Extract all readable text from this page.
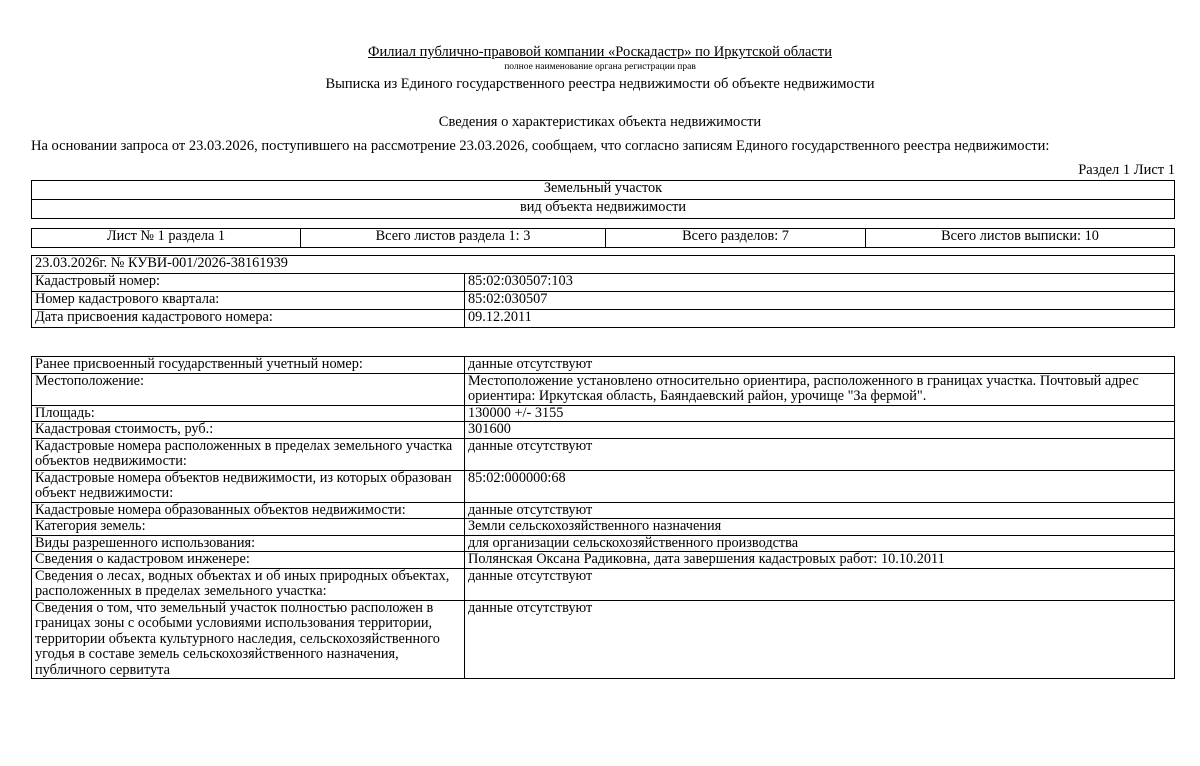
Филиал публично-правовой компании «Роскадастр» по Иркутской области
полное наименование органа регистрации прав
Выписка из Единого государственного реестра недвижимости об объекте недвижимости
Сведения о характеристиках объекта недвижимости
На основании запроса от 23.03.2026, поступившего на рассмотрение 23.03.2026, сообщаем, что согласно записям Единого государственного реестра недвижимости:
Раздел 1 Лист 1
Земельный участок
вид объекта недвижимости
Лист № 1 раздела 1	Всего листов раздела 1: 3	Всего разделов: 7	Всего листов выписки: 10
23.03.2026г. № КУВИ-001/2026-38161939	
Кадастровый номер:	85:02:030507:103
Номер кадастрового квартала:	85:02:030507
Дата присвоения кадастрового номера:	09.12.2011
Ранее присвоенный государственный учетный номер:	данные отсутствуют
Местоположение:	Местоположение установлено относительно ориентира, расположенного в границах участка. Почтовый адрес ориентира: Иркутская область, Баяндаевский район, урочище "За фермой".
Площадь:	130000 +/- 3155
Кадастровая стоимость, руб.:	301600
Кадастровые номера расположенных в пределах земельного участка объектов недвижимости:	данные отсутствуют
Кадастровые номера объектов недвижимости, из которых образован объект недвижимости:	85:02:000000:68
Кадастровые номера образованных объектов недвижимости:	данные отсутствуют
Категория земель:	Земли сельскохозяйственного назначения
Виды разрешенного использования:	для организации сельскохозяйственного производства
Сведения о кадастровом инженере:	Полянская Оксана Радиковна, дата завершения кадастровых работ: 10.10.2011
Сведения о лесах, водных объектах и об иных природных объектах, расположенных в пределах земельного участка:	данные отсутствуют
Сведения о том, что земельный участок полностью расположен в границах зоны с особыми условиями использования территории, территории объекта культурного наследия, сельскохозяйственного угодья в составе земель сельскохозяйственного назначения, публичного сервитута	данные отсутствуют
